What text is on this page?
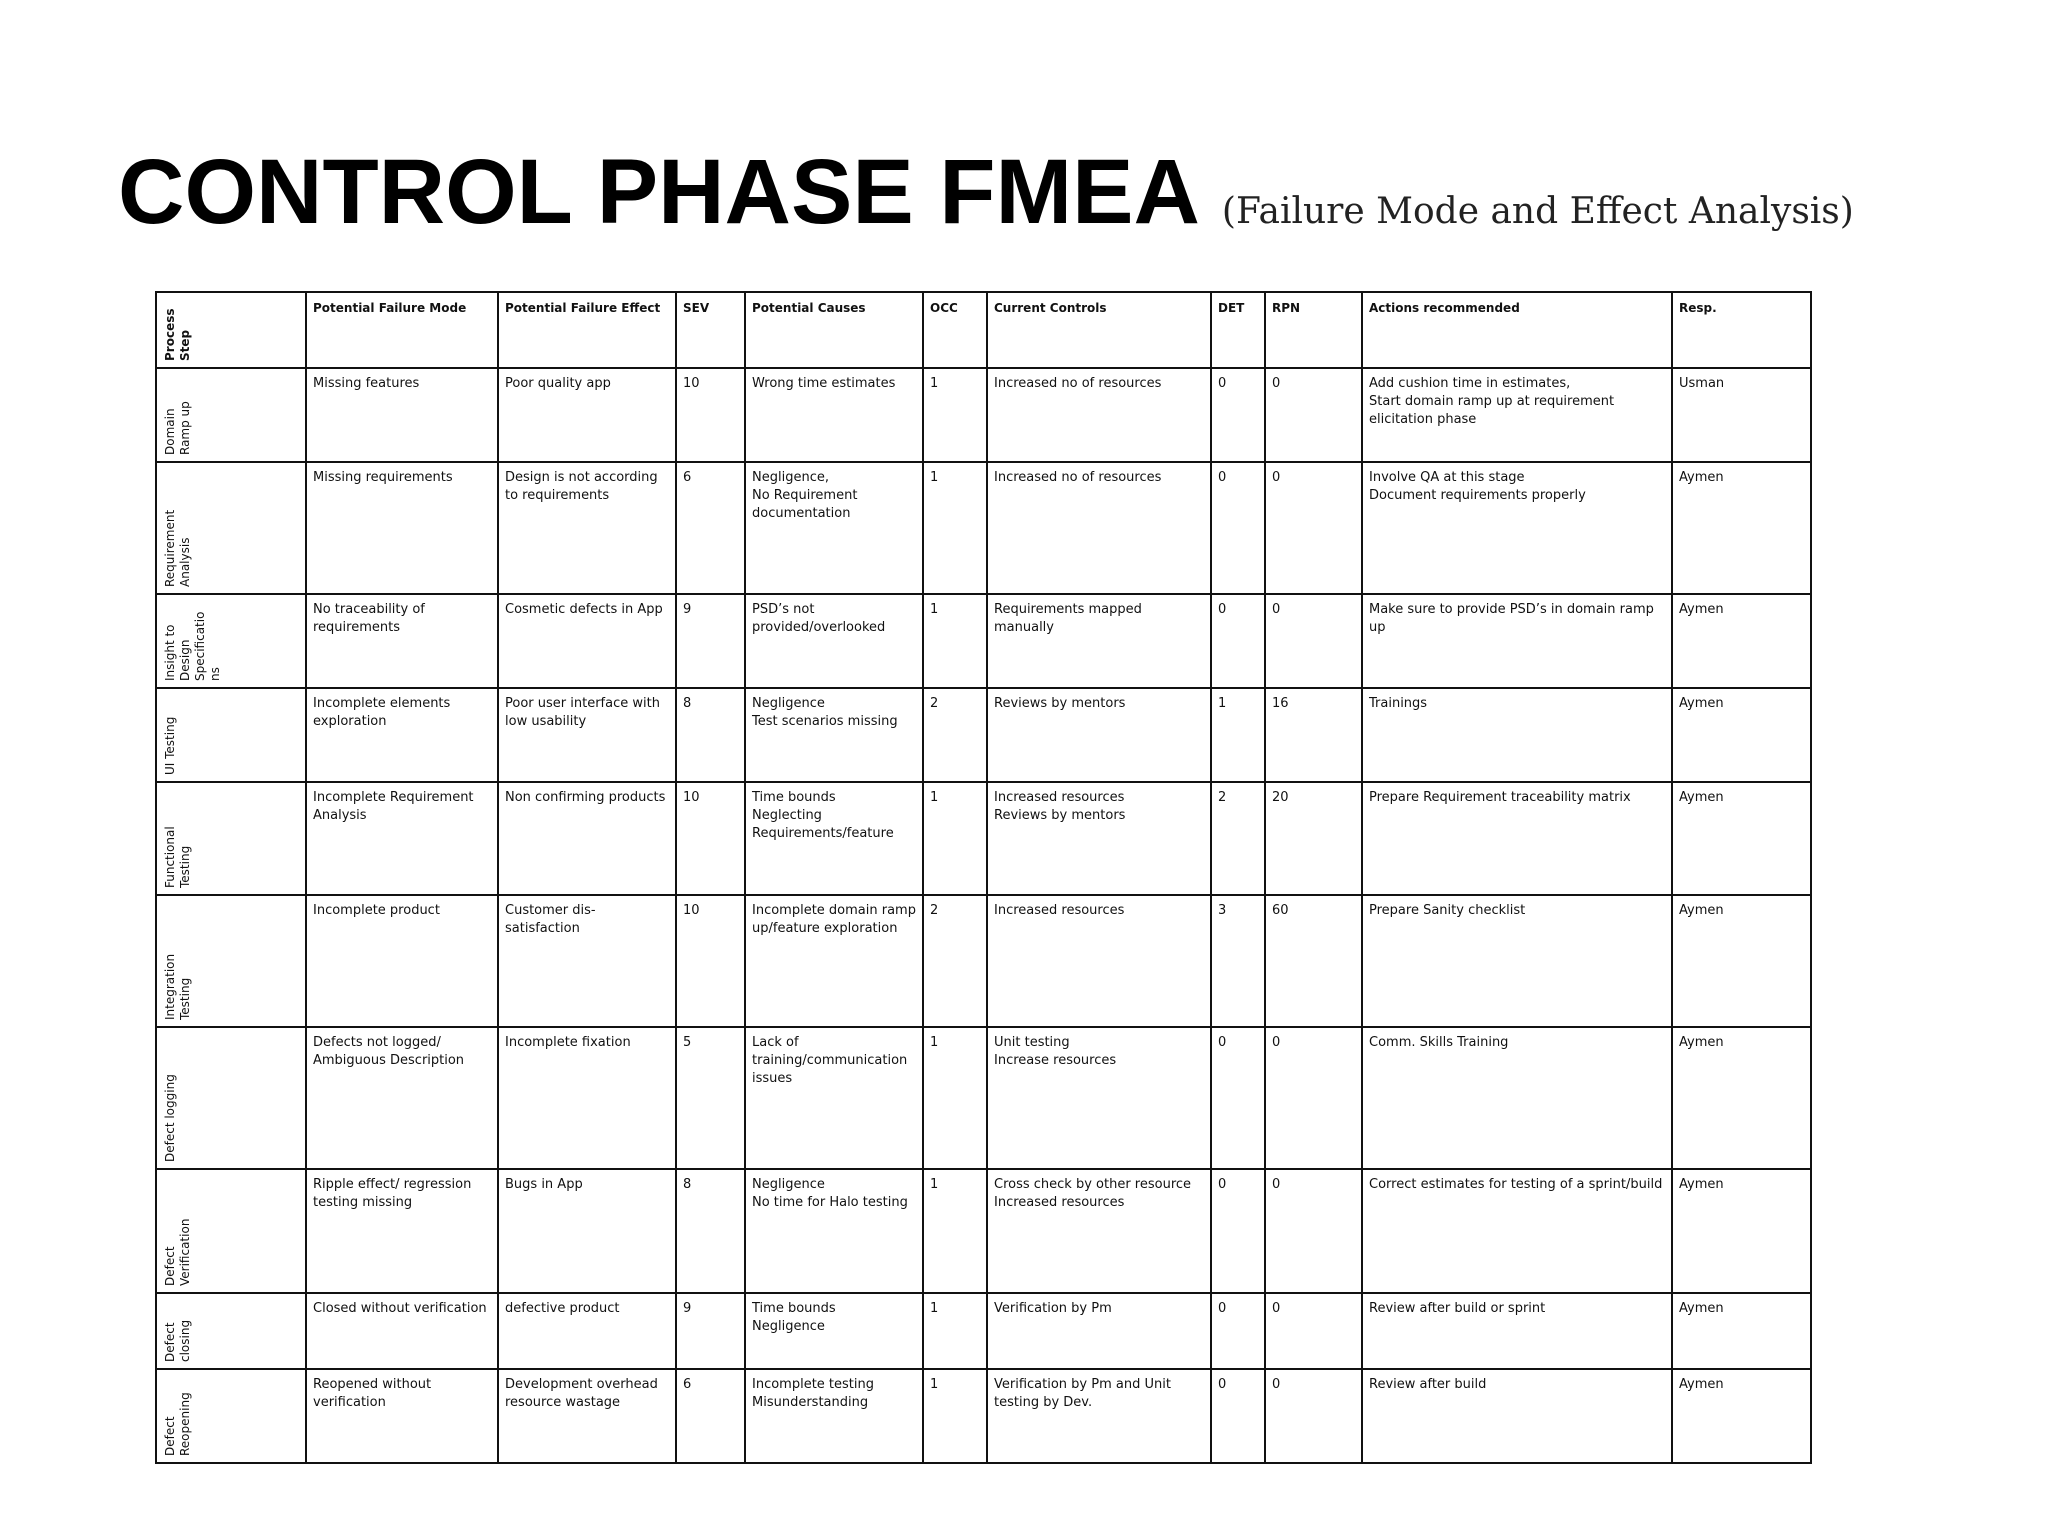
CONTROL PHASE FMEA (Failure Mode and Effect Analysis)

Process Step	Potential Failure Mode	Potential Failure Effect	SEV	Potential Causes	OCC	Current Controls	DET	RPN	Actions recommended	Resp.

Domain Ramp up	Missing features	Poor quality app	10	Wrong time estimates	1	Increased no of resources	0	0	Add cushion time in estimates,
Start domain ramp up at requirement elicitation phase	Usman

Requirement Analysis	Missing requirements	Design is not according to requirements	6	Negligence,
No Requirement documentation	1	Increased no of resources	0	0	Involve QA at this stage
Document requirements properly	Aymen

Insight to Design Specificatio ns	No traceability of requirements	Cosmetic defects in App	9	PSD’s not provided/overlooked	1	Requirements mapped manually	0	0	Make sure to provide PSD’s in domain ramp up	Aymen

UI Testing	Incomplete elements exploration	Poor user interface with low usability	8	Negligence
Test scenarios missing	2	Reviews by mentors	1	16	Trainings	Aymen

Functional Testing	Incomplete Requirement Analysis	Non confirming products	10	Time bounds
Neglecting Requirements/feature	1	Increased resources
Reviews by mentors	2	20	Prepare Requirement traceability matrix	Aymen

Integration Testing	Incomplete product	Customer dis-satisfaction	10	Incomplete domain ramp up/feature exploration	2	Increased resources	3	60	Prepare Sanity checklist	Aymen

Defect logging	Defects not logged/
Ambiguous Description	Incomplete fixation	5	Lack of training/communication issues	1	Unit testing
Increase resources	0	0	Comm. Skills Training	Aymen

Defect Verification	Ripple effect/ regression testing missing	Bugs in App	8	Negligence
No time for Halo testing	1	Cross check by other resource
Increased resources	0	0	Correct estimates for testing of a sprint/build	Aymen

Defect closing	Closed without verification	defective product	9	Time bounds
Negligence	1	Verification by Pm	0	0	Review after build or sprint	Aymen

Defect Reopening	Reopened without verification	Development overhead resource wastage	6	Incomplete testing
Misunderstanding	1	Verification by Pm and Unit testing by Dev.	0	0	Review after build	Aymen
